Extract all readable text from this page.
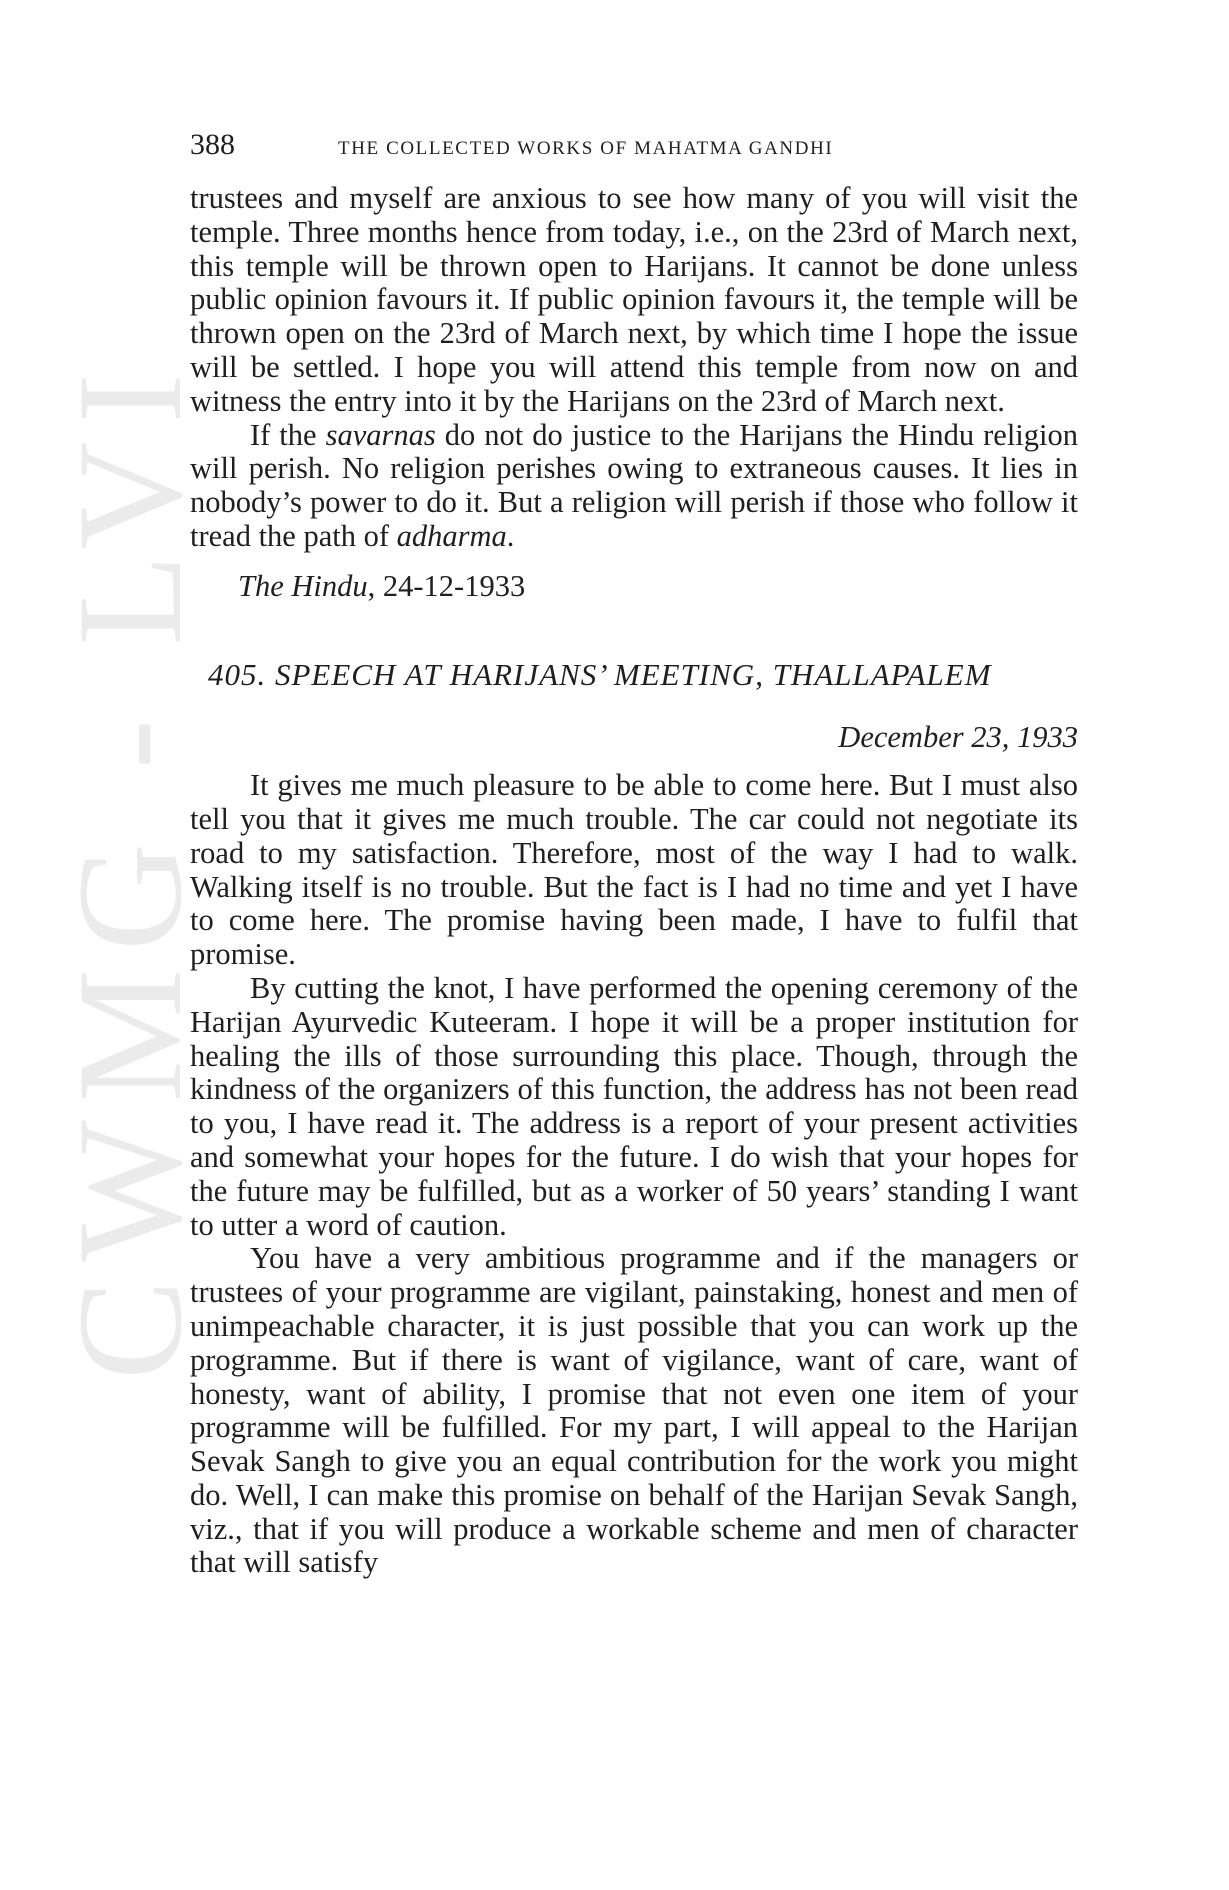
CWMG - LVI
388	THE COLLECTED WORKS OF MAHATMA GANDHI

trustees and myself are anxious to see how many of you will visit the temple. Three months hence from today, i.e., on the 23rd of March next, this temple will be thrown open to Harijans. It cannot be done unless public opinion favours it. If public opinion favours it, the temple will be thrown open on the 23rd of March next, by which time I hope the issue will be settled. I hope you will attend this temple from now on and witness the entry into it by the Harijans on the 23rd of March next.

If the savarnas do not do justice to the Harijans the Hindu religion will perish. No religion perishes owing to extraneous causes. It lies in nobody’s power to do it. But a religion will perish if those who follow it tread the path of adharma.

The Hindu, 24-12-1933

405. SPEECH AT HARIJANS’ MEETING, THALLAPALEM

December 23, 1933

It gives me much pleasure to be able to come here. But I must also tell you that it gives me much trouble. The car could not negotiate its road to my satisfaction. Therefore, most of the way I had to walk. Walking itself is no trouble. But the fact is I had no time and yet I have to come here. The promise having been made, I have to fulfil that promise.

By cutting the knot, I have performed the opening ceremony of the Harijan Ayurvedic Kuteeram. I hope it will be a proper institution for healing the ills of those surrounding this place. Though, through the kindness of the organizers of this function, the address has not been read to you, I have read it. The address is a report of your present activities and somewhat your hopes for the future. I do wish that your hopes for the future may be fulfilled, but as a worker of 50 years’ standing I want to utter a word of caution.

You have a very ambitious programme and if the managers or trustees of your programme are vigilant, painstaking, honest and men of unimpeachable character, it is just possible that you can work up the programme. But if there is want of vigilance, want of care, want of honesty, want of ability, I promise that not even one item of your programme will be fulfilled. For my part, I will appeal to the Harijan Sevak Sangh to give you an equal contribution for the work you might do. Well, I can make this promise on behalf of the Harijan Sevak Sangh, viz., that if you will produce a workable scheme and men of character that will satisfy
